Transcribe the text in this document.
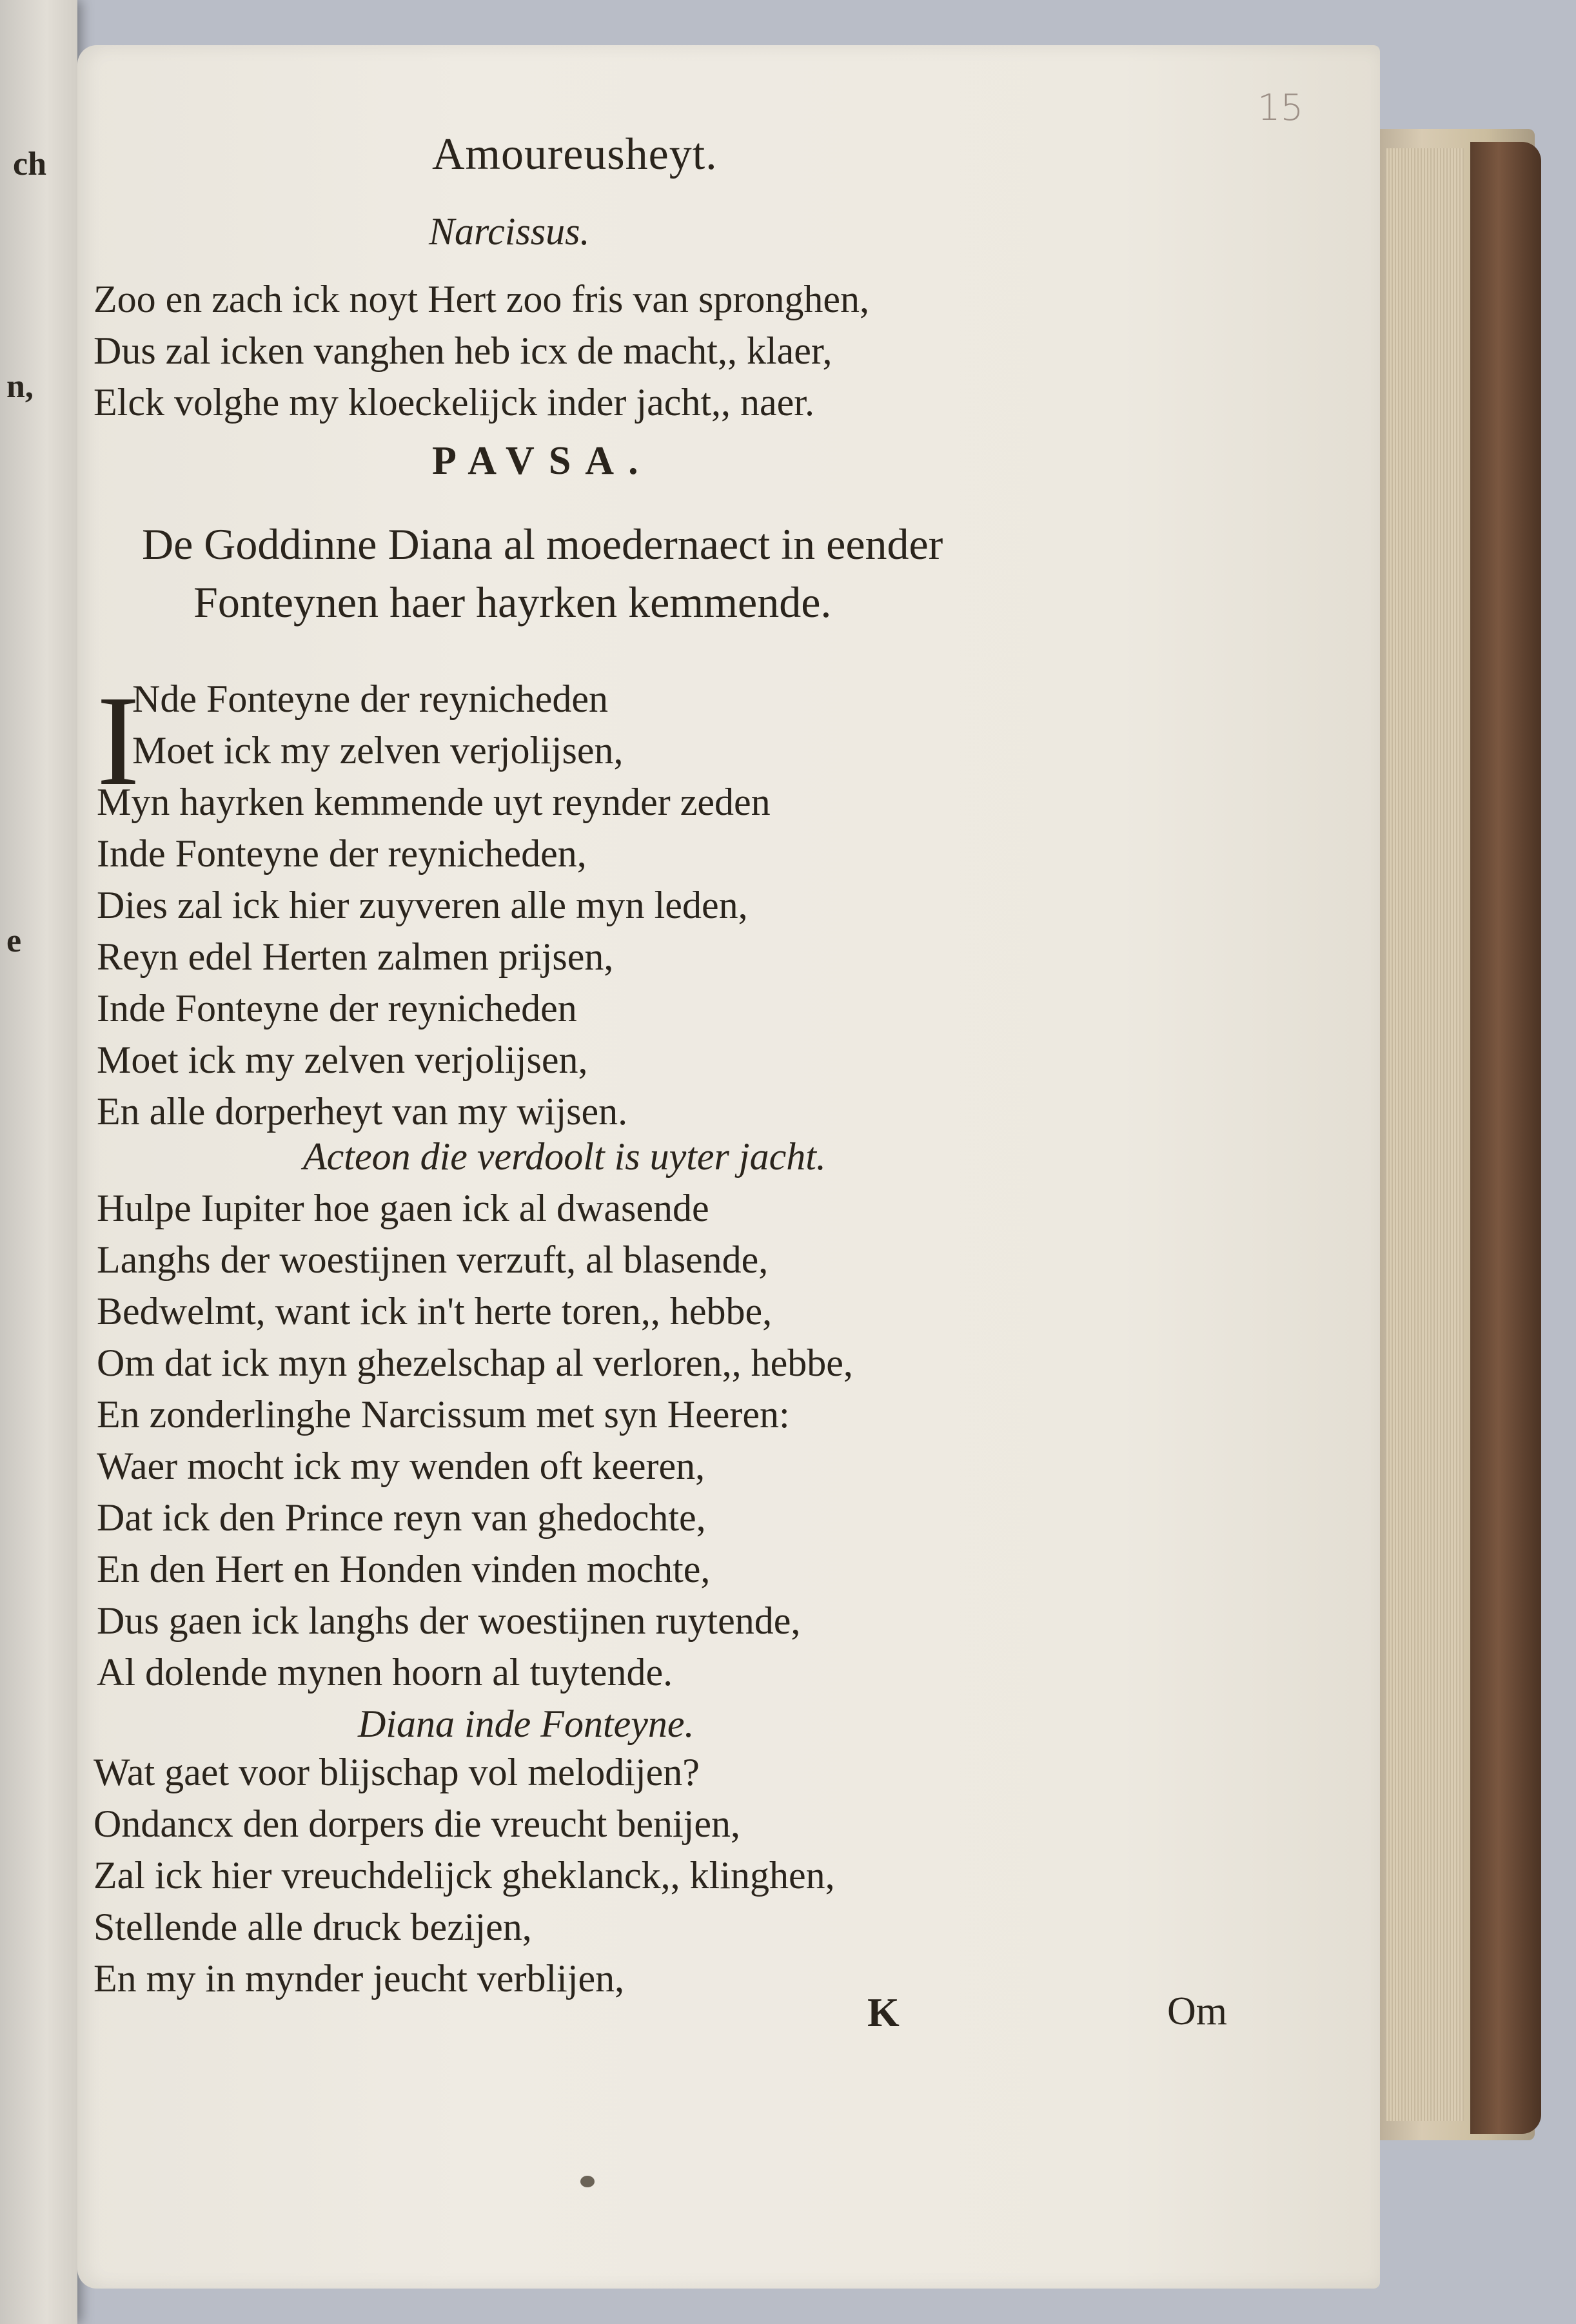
ch
n,
e
15
Amoureusheyt.
Narcissus.
Zoo en zach ick noyt Hert zoo fris van spronghen,
Dus zal icken vanghen heb icx de macht,, klaer,
Elck volghe my kloeckelijck inder jacht,, naer.
PAVSA.
De Goddinne Diana al moedernaect in eender
Fonteynen haer hayrken kemmende.
I
Nde Fonteyne der reynicheden
Moet ick my zelven verjolijsen,
Myn hayrken kemmende uyt reynder zeden
Inde Fonteyne der reynicheden,
Dies zal ick hier zuyveren alle myn leden,
Reyn edel Herten zalmen prijsen,
Inde Fonteyne der reynicheden
Moet ick my zelven verjolijsen,
En alle dorperheyt van my wijsen.
Acteon die verdoolt is uyter jacht.
Hulpe Iupiter hoe gaen ick al dwasende
Langhs der woestijnen verzuft, al blasende,
Bedwelmt, want ick in't herte toren,, hebbe,
Om dat ick myn ghezelschap al verloren,, hebbe,
En zonderlinghe Narcissum met syn Heeren:
Waer mocht ick my wenden oft keeren,
Dat ick den Prince reyn van ghedochte,
En den Hert en Honden vinden mochte,
Dus gaen ick langhs der woestijnen ruytende,
Al dolende mynen hoorn al tuytende.
Diana inde Fonteyne.
Wat gaet voor blijschap vol melodijen?
Ondancx den dorpers die vreucht benijen,
Zal ick hier vreuchdelijck gheklanck,, klinghen,
Stellende alle druck bezijen,
En my in mynder jeucht verblijen,
K	Om
